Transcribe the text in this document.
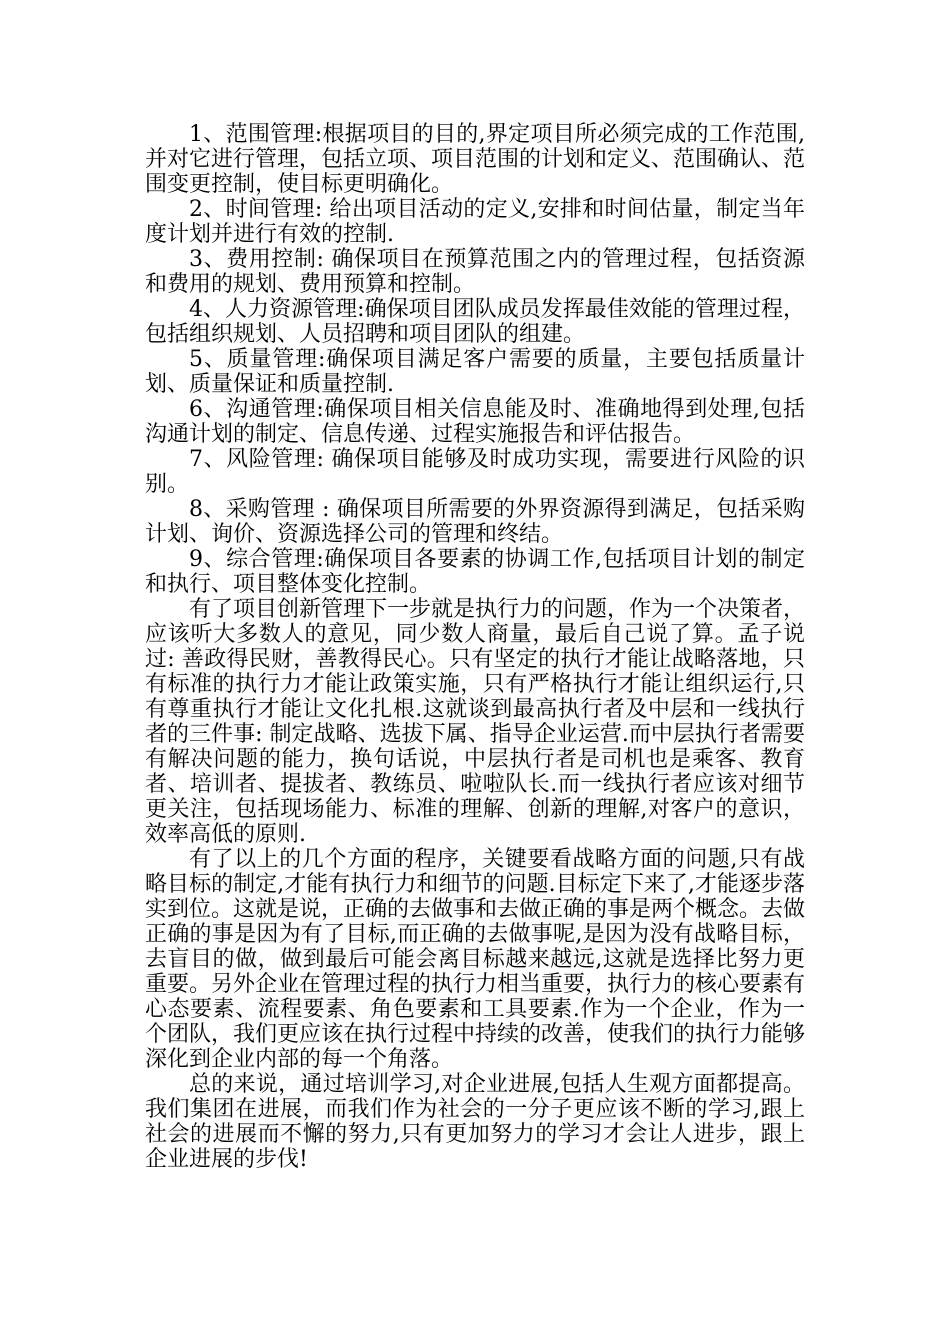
1、范围管理:根据项目的目的,界定项目所必须完成的工作范围,并对它进行管理，包括立项、项目范围的计划和定义、范围确认、范围变更控制，使目标更明确化。

2、时间管理: 给出项目活动的定义,安排和时间估量，制定当年度计划并进行有效的控制.

3、费用控制: 确保项目在预算范围之内的管理过程，包括资源和费用的规划、费用预算和控制。

4、人力资源管理:确保项目团队成员发挥最佳效能的管理过程，包括组织规划、人员招聘和项目团队的组建。

5、质量管理:确保项目满足客户需要的质量，主要包括质量计划、质量保证和质量控制.

6、沟通管理:确保项目相关信息能及时、准确地得到处理,包括沟通计划的制定、信息传递、过程实施报告和评估报告。

7、风险管理: 确保项目能够及时成功实现，需要进行风险的识别。

8、采购管理 : 确保项目所需要的外界资源得到满足，包括采购计划、询价、资源选择公司的管理和终结。

9、综合管理:确保项目各要素的协调工作,包括项目计划的制定和执行、项目整体变化控制。

有了项目创新管理下一步就是执行力的问题，作为一个决策者，应该听大多数人的意见，同少数人商量，最后自己说了算。孟子说过: 善政得民财，善教得民心。只有坚定的执行才能让战略落地，只有标准的执行力才能让政策实施，只有严格执行才能让组织运行,只有尊重执行才能让文化扎根.这就谈到最高执行者及中层和一线执行者的三件事: 制定战略、选拔下属、指导企业运营.而中层执行者需要有解决问题的能力，换句话说，中层执行者是司机也是乘客、教育者、培训者、提拔者、教练员、啦啦队长.而一线执行者应该对细节更关注，包括现场能力、标准的理解、创新的理解,对客户的意识，效率高低的原则.

有了以上的几个方面的程序，关键要看战略方面的问题,只有战略目标的制定,才能有执行力和细节的问题.目标定下来了,才能逐步落实到位。这就是说，正确的去做事和去做正确的事是两个概念。去做正确的事是因为有了目标,而正确的去做事呢,是因为没有战略目标，去盲目的做，做到最后可能会离目标越来越远,这就是选择比努力更重要。另外企业在管理过程的执行力相当重要，执行力的核心要素有心态要素、流程要素、角色要素和工具要素.作为一个企业，作为一个团队，我们更应该在执行过程中持续的改善，使我们的执行力能够深化到企业内部的每一个角落。

总的来说，通过培训学习,对企业进展,包括人生观方面都提高。我们集团在进展，而我们作为社会的一分子更应该不断的学习,跟上社会的进展而不懈的努力,只有更加努力的学习才会让人进步，跟上企业进展的步伐!
